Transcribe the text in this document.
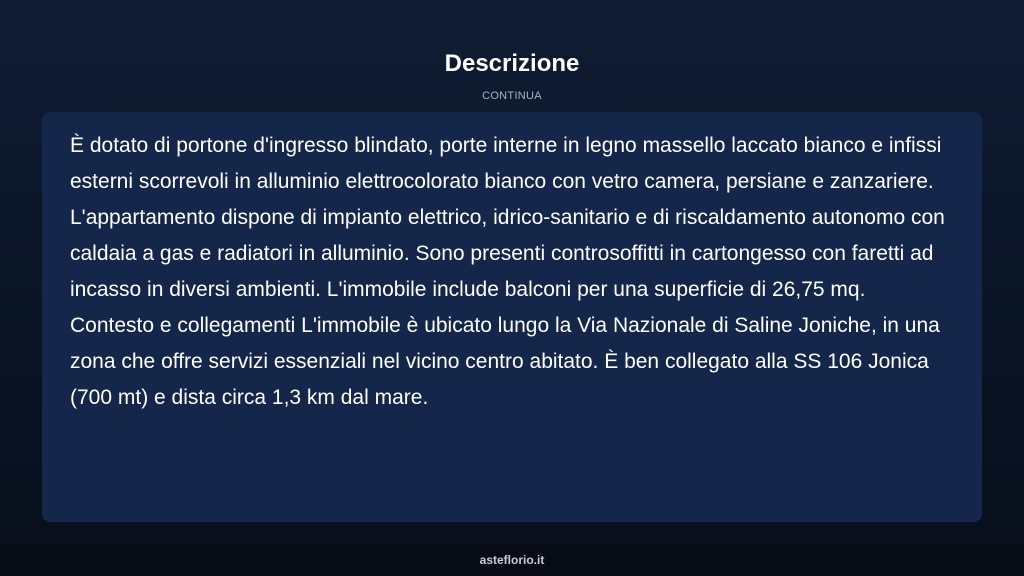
Descrizione
CONTINUA

È dotato di portone d'ingresso blindato, porte interne in legno massello laccato bianco e infissi esterni scorrevoli in alluminio elettrocolorato bianco con vetro camera, persiane e zanzariere. L'appartamento dispone di impianto elettrico, idrico-sanitario e di riscaldamento autonomo con caldaia a gas e radiatori in alluminio. Sono presenti controsoffitti in cartongesso con faretti ad incasso in diversi ambienti. L'immobile include balconi per una superficie di 26,75 mq. Contesto e collegamenti L'immobile è ubicato lungo la Via Nazionale di Saline Joniche, in una zona che offre servizi essenziali nel vicino centro abitato. È ben collegato alla SS 106 Jonica (700 mt) e dista circa 1,3 km dal mare.

asteflorio.it
